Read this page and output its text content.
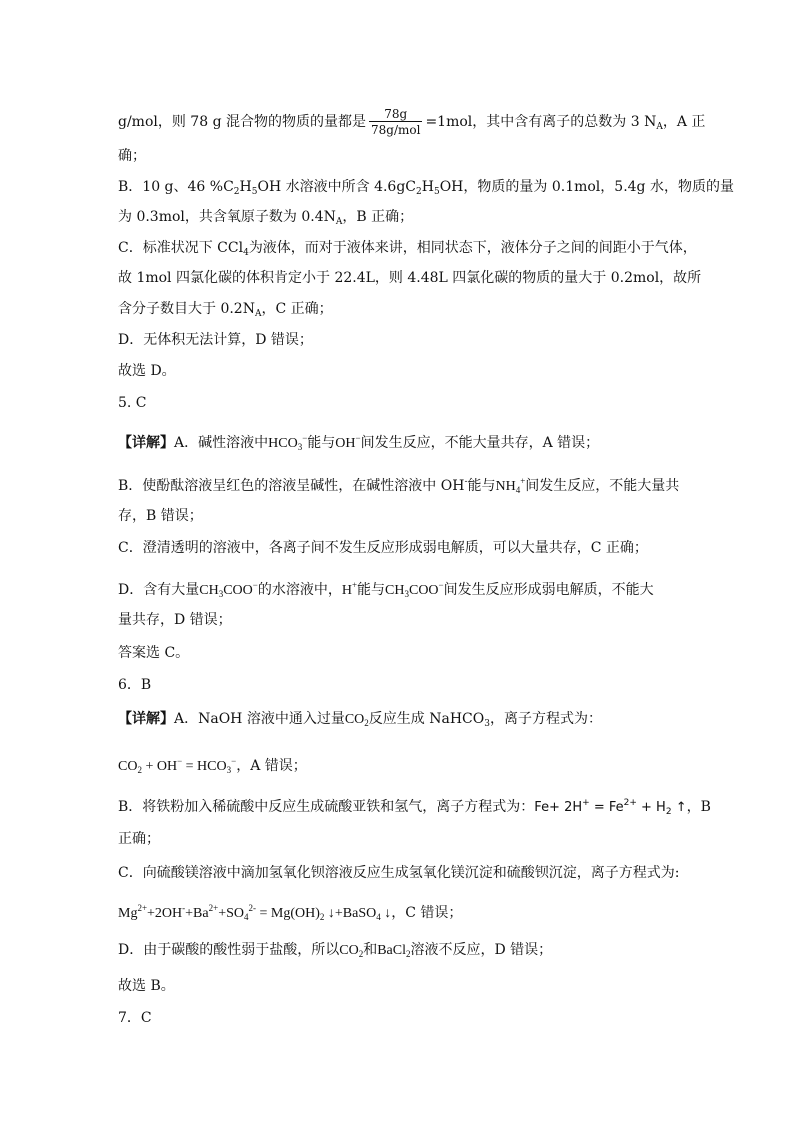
g/mol，则 78 g 混合物的物质的量都是 $\frac{78g}{\text{78g/mol}} =1mol$，其中含有离子的总数为 3 $N_A$，A 正
确；
B．10 g、46 $\%C_2H_5OH$ 水溶液中所含 $4.6gC_2H_5OH$，物质的量为 0.1mol，5.4g 水，物质的量
为 0.3mol，共含氧原子数为 $0.4N_A$，B 正确；
C．标准状况下 CCl$_4$为液体，而对于液体来讲，相同状态下，液体分子之间的间距小于气体，
故 1mol 四氯化碳的体积肯定小于 22.4L，则 4.48L 四氯化碳的物质的量大于 0.2mol，故所
含分子数目大于 $0.2N_A$，C 正确；
D．无体积无法计算，D 错误；
故选 D。
5. C
【详解】A．碱性溶液中$HCO_3^-$能与OH−间发生反应，不能大量共存，A 错误；
B．使酚酞溶液呈红色的溶液呈碱性，在碱性溶液中 OH-能与$NH_4^+$间发生反应，不能大量共
存，B 错误；
C．澄清透明的溶液中，各离子间不发生反应形成弱电解质，可以大量共存，C 正确；
D．含有大量$CH_3COO^-$的水溶液中，H+能与$CH_3COO^-$间发生反应形成弱电解质，不能大
量共存，D 错误；
答案选 C。
6．B
【详解】A．NaOH 溶液中通入过量$CO_2$反应生成 NaHCO$_3$，离子方程式为：
$CO_2 + OH^- = HCO_3^-$，A 错误；
B．将铁粉加入稀硫酸中反应生成硫酸亚铁和氢气，离子方程式为：$Fe+ 2H^+ = Fe^{2+} + H_2$ ↑，B
正确；
C．向硫酸镁溶液中滴加氢氧化钡溶液反应生成氢氧化镁沉淀和硫酸钡沉淀，离子方程式为:
$Mg^{2+}+2OH^-+Ba^{2+}+SO_4^{2-} = Mg(OH)_2$ ↓+BaSO$_4$ ↓，C 错误；
D．由于碳酸的酸性弱于盐酸，所以$CO_2$和BaCl$_2$溶液不反应，D 错误；
故选 B。
7．C
